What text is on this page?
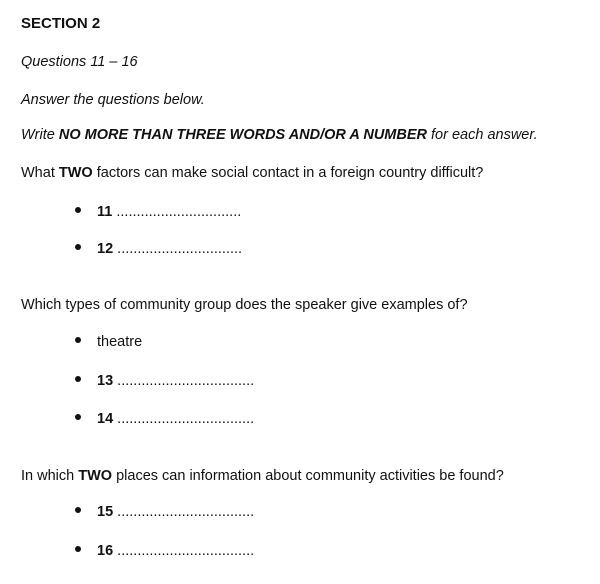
SECTION 2
Questions 11 – 16
Answer the questions below.
Write NO MORE THAN THREE WORDS AND/OR A NUMBER for each answer.
What TWO factors can make social contact in a foreign country difficult?
11 ...............................
12 ...............................
Which types of community group does the speaker give examples of?
theatre
13 ..................................
14 ..................................
In which TWO places can information about community activities be found?
15 ..................................
16 ..................................
